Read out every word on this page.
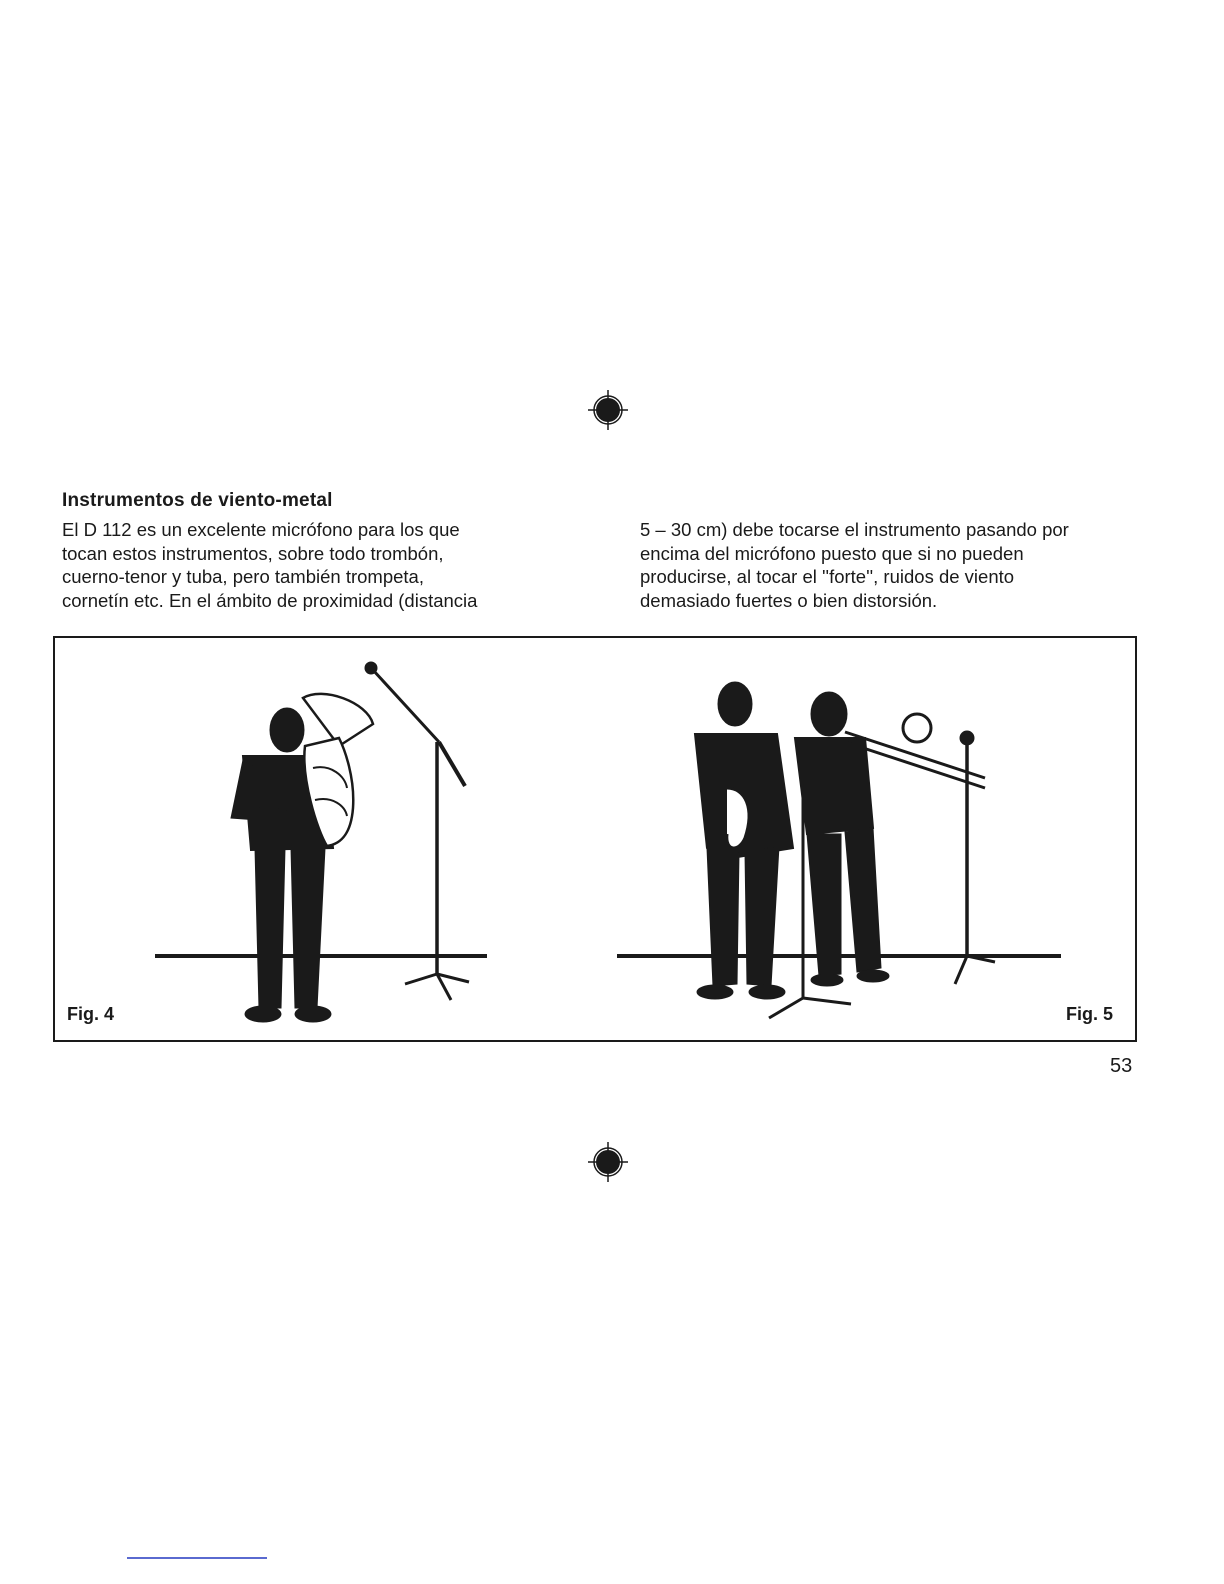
Instrumentos de viento-metal

El D 112 es un excelente micrófono para los que

tocan estos instrumentos, sobre todo trombón,

cuerno-tenor y tuba, pero también trompeta,

cornetín etc. En el ámbito de proximidad (distancia

5 – 30 cm) debe tocarse el instrumento pasando por

encima del micrófono puesto que si no pueden

producirse, al tocar el ''forte'', ruidos de viento

demasiado fuertes o bien distorsión.

Fig. 4	Fig. 5
53
